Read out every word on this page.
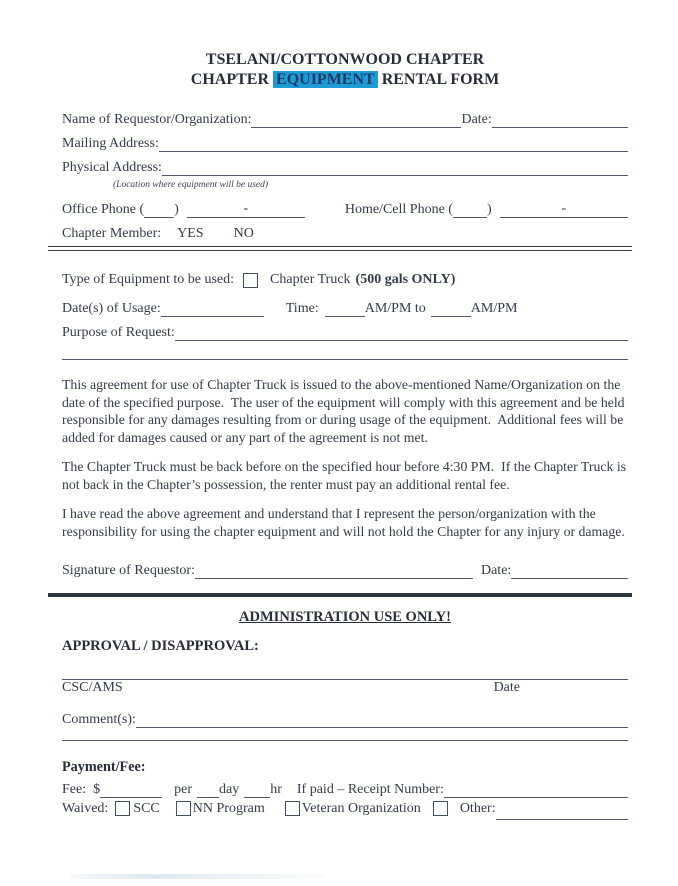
TSELANI/COTTONWOOD CHAPTER
CHAPTER EQUIPMENT RENTAL FORM
Name of Requestor/Organization:	Date:
Mailing Address:
Physical Address:
(Location where equipment will be used)
Office Phone ( )	-	Home/Cell Phone ( )	-
Chapter Member: YES NO
Type of Equipment to be used:	Chapter Truck (500 gals ONLY)
Date(s) of Usage:	Time:	AM/PM to	AM/PM
Purpose of Request:

This agreement for use of Chapter Truck is issued to the above-mentioned Name/Organization on the date of the specified purpose.  The user of the equipment will comply with this agreement and be held responsible for any damages resulting from or during usage of the equipment.  Additional fees will be added for damages caused or any part of the agreement is not met.

The Chapter Truck must be back before on the specified hour before 4:30 PM.  If the Chapter Truck is not back in the Chapter’s possession, the renter must pay an additional rental fee.

I have read the above agreement and understand that I represent the person/organization with the responsibility for using the chapter equipment and will not hold the Chapter for any injury or damage.

Signature of Requestor:	Date:
ADMINISTRATION USE ONLY!
APPROVAL / DISAPPROVAL:
CSC/AMS	Date
Comment(s):
Payment/Fee:
Fee:  $	per day hr If paid – Receipt Number:
Waived: SCC NN Program	Veteran Organization	Other:
